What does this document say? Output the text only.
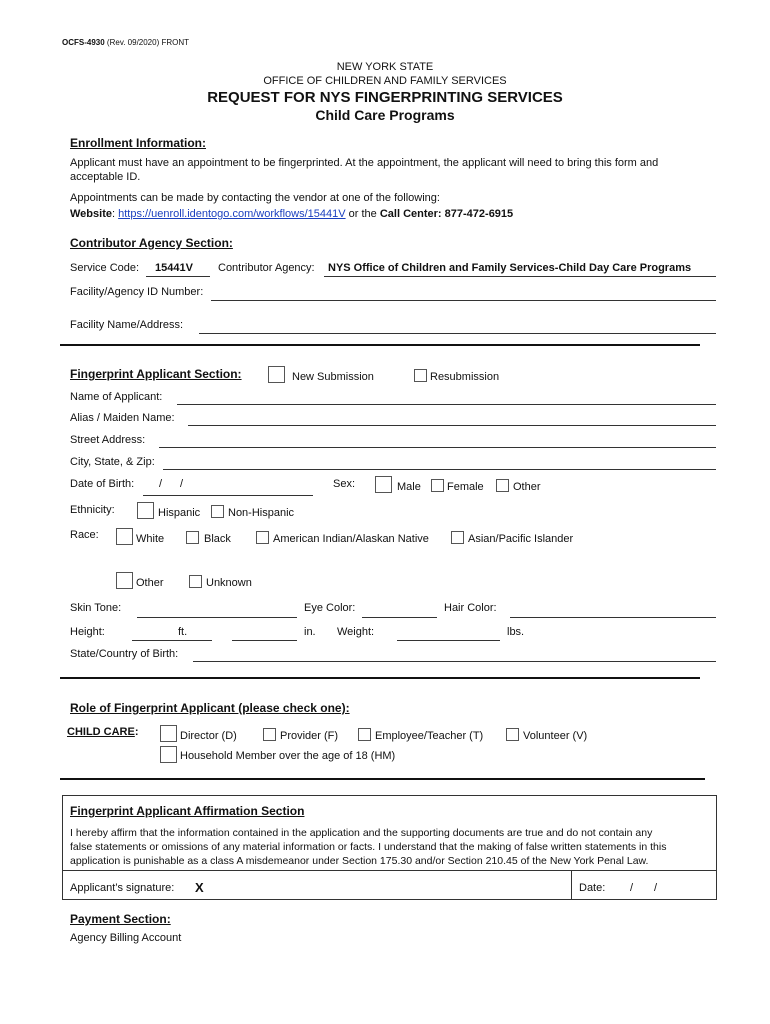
OCFS-4930 (Rev. 09/2020) FRONT
NEW YORK STATE
OFFICE OF CHILDREN AND FAMILY SERVICES
REQUEST FOR NYS FINGERPRINTING SERVICES
Child Care Programs
Enrollment Information:
Applicant must have an appointment to be fingerprinted. At the appointment, the applicant will need to bring this form and
acceptable ID.
Appointments can be made by contacting the vendor at one of the following:
Website: https://uenroll.identogo.com/workflows/15441V or the Call Center: 877-472-6915
Contributor Agency Section:
Service Code: 15441V Contributor Agency: NYS Office of Children and Family Services-Child Day Care Programs
Facility/Agency ID Number:
Facility Name/Address:
Fingerprint Applicant Section:	New Submission	Resubmission
Name of Applicant:
Alias / Maiden Name:
Street Address:
City, State, & Zip:
Date of Birth: / /	Sex:	Male Female	Other
Ethnicity:	Hispanic	Non-Hispanic
Race:	White	Black	American Indian/Alaskan Native	Asian/Pacific Islander
Other	Unknown
Skin Tone:	Eye Color:	Hair Color:
Height:	ft.	in. Weight:	lbs.
State/Country of Birth:
Role of Fingerprint Applicant (please check one):
CHILD CARE:	Director (D)	Provider (F)	Employee/Teacher (T)	Volunteer (V)
Household Member over the age of 18 (HM)
Fingerprint Applicant Affirmation Section
I hereby affirm that the information contained in the application and the supporting documents are true and do not contain any
false statements or omissions of any material information or facts. I understand that the making of false written statements in this
application is punishable as a class A misdemeanor under Section 175.30 and/or Section 210.45 of the New York Penal Law.
Applicant’s signature: X	Date: / /
Payment Section:
Agency Billing Account
